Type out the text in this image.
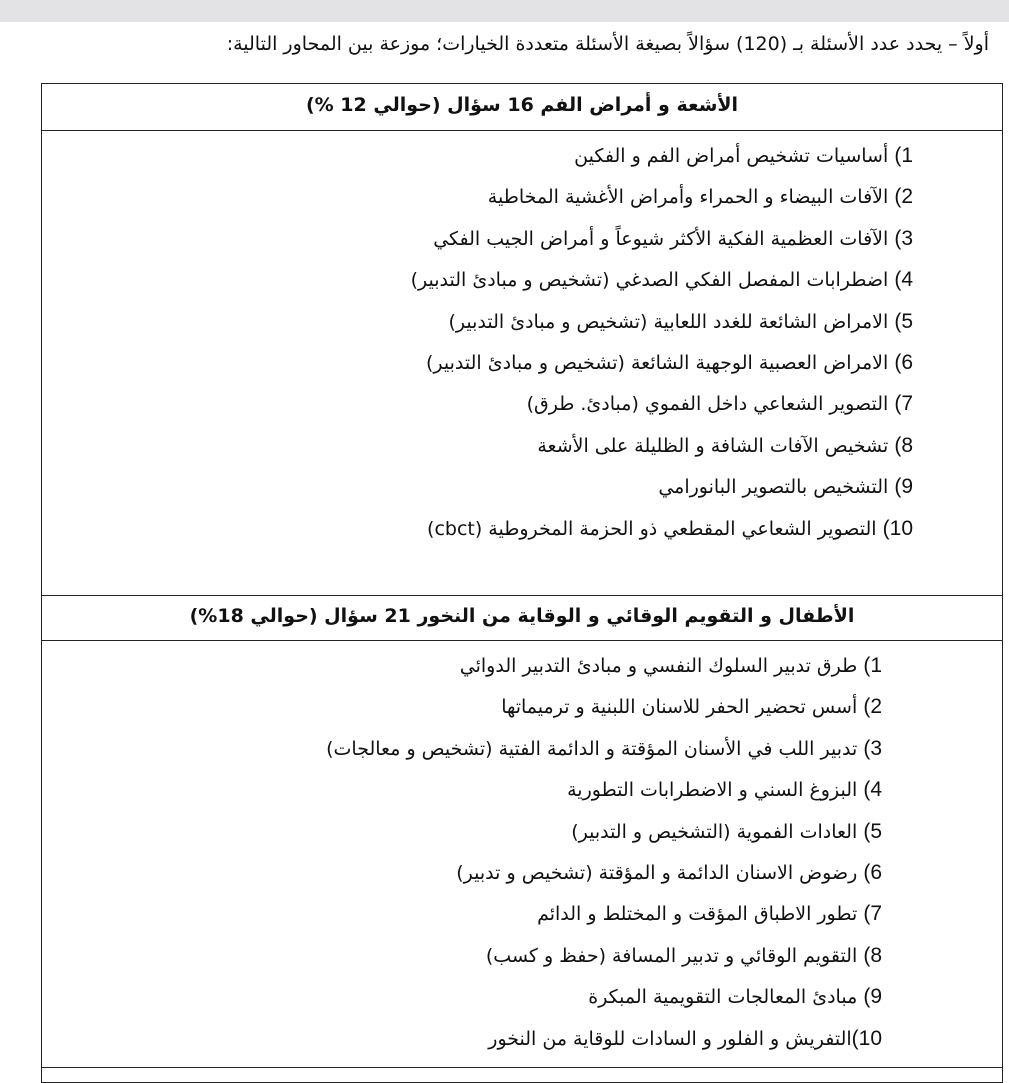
أولاً – يحدد عدد الأسئلة بـ (120) سؤالاً بصيغة الأسئلة متعددة الخيارات؛ موزعة بين المحاور التالية:
الأشعة و أمراض الفم 16 سؤال (حوالي 12 %)
1) أساسيات تشخيص أمراض الفم و الفكين
2) الآفات البيضاء و الحمراء وأمراض الأغشية المخاطية
3) الآفات العظمية الفكية الأكثر شيوعاً و أمراض الجيب الفكي
4) اضطرابات المفصل الفكي الصدغي (تشخيص و مبادئ التدبير)
5) الامراض الشائعة للغدد اللعابية (تشخيص و مبادئ التدبير)
6) الامراض العصبية الوجهية الشائعة (تشخيص و مبادئ التدبير)
7) التصوير الشعاعي داخل الفموي (مبادئ. طرق)
8) تشخيص الآفات الشافة و الظليلة على الأشعة
9) التشخيص بالتصوير البانورامي
10) التصوير الشعاعي المقطعي ذو الحزمة المخروطية (cbct)
الأطفال و التقويم الوقائي و الوقاية من النخور 21 سؤال (حوالي 18%)
1) طرق تدبير السلوك النفسي و مبادئ التدبير الدوائي
2) أسس تحضير الحفر للاسنان اللبنية و ترميماتها
3) تدبير اللب في الأسنان المؤقتة و الدائمة الفتية (تشخيص و معالجات)
4) البزوغ السني و الاضطرابات التطورية
5) العادات الفموية (التشخيص و التدبير)
6) رضوض الاسنان الدائمة و المؤقتة (تشخيص و تدبير)
7) تطور الاطباق المؤقت و المختلط و الدائم
8) التقويم الوقائي و تدبير المسافة (حفظ و كسب)
9) مبادئ المعالجات التقويمية المبكرة
10)التفريش و الفلور و السادات للوقاية من النخور
